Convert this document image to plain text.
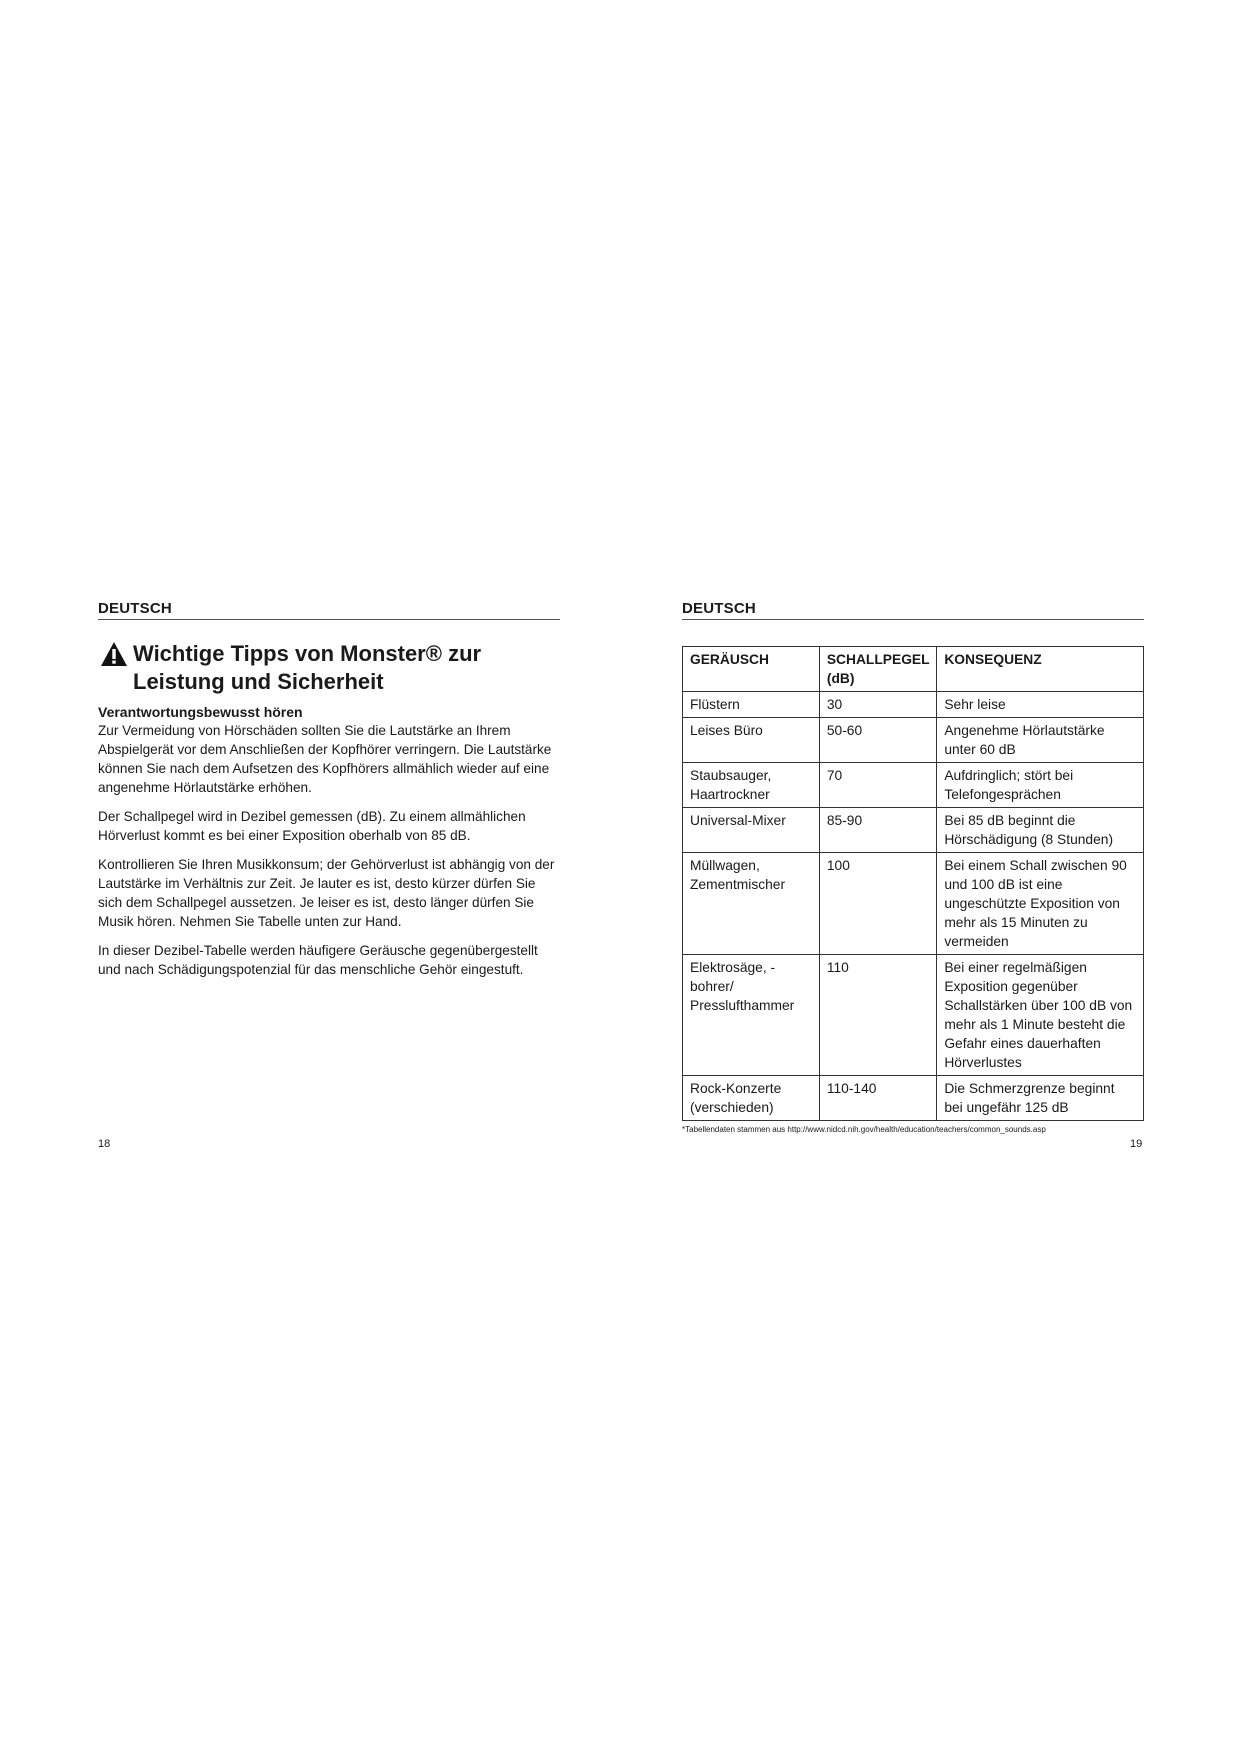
DEUTSCH
Wichtige Tipps von Monster® zur Leistung und Sicherheit
Verantwortungsbewusst hören

Zur Vermeidung von Hörschäden sollten Sie die Lautstärke an Ihrem Abspielgerät vor dem Anschließen der Kopfhörer verringern. Die Lautstärke können Sie nach dem Aufsetzen des Kopfhörers allmählich wieder auf eine angenehme Hörlautstärke erhöhen.

Der Schallpegel wird in Dezibel gemessen (dB). Zu einem allmählichen Hörverlust kommt es bei einer Exposition oberhalb von 85 dB.

Kontrollieren Sie Ihren Musikkonsum; der Gehörverlust ist abhängig von der Lautstärke im Verhältnis zur Zeit. Je lauter es ist, desto kürzer dürfen Sie sich dem Schallpegel aussetzen. Je leiser es ist, desto länger dürfen Sie Musik hören. Nehmen Sie Tabelle unten zur Hand.

In dieser Dezibel-Tabelle werden häufigere Geräusche gegenübergestellt und nach Schädigungspotenzial für das menschliche Gehör eingestuft.

18
DEUTSCH
GERÄUSCH	SCHALLPEGEL (dB)	KONSEQUENZ
Flüstern	30	Sehr leise
Leises Büro	50-60	Angenehme Hörlautstärke unter 60 dB
Staubsauger, Haartrockner	70	Aufdringlich; stört bei Telefongesprächen
Universal-Mixer	85-90	Bei 85 dB beginnt die Hörschädigung (8 Stunden)
Müllwagen, Zementmischer	100	Bei einem Schall zwischen 90 und 100 dB ist eine ungeschützte Exposition von mehr als 15 Minuten zu vermeiden
Elektrosäge, -bohrer/ Presslufthammer	110	Bei einer regelmäßigen Exposition gegenüber Schallstärken über 100 dB von mehr als 1 Minute besteht die Gefahr eines dauerhaften Hörverlustes
Rock-Konzerte (verschieden)	110-140	Die Schmerzgrenze beginnt bei ungefähr 125 dB
*Tabellendaten stammen aus http://www.nidcd.nih.gov/health/education/teachers/common_sounds.asp
19
